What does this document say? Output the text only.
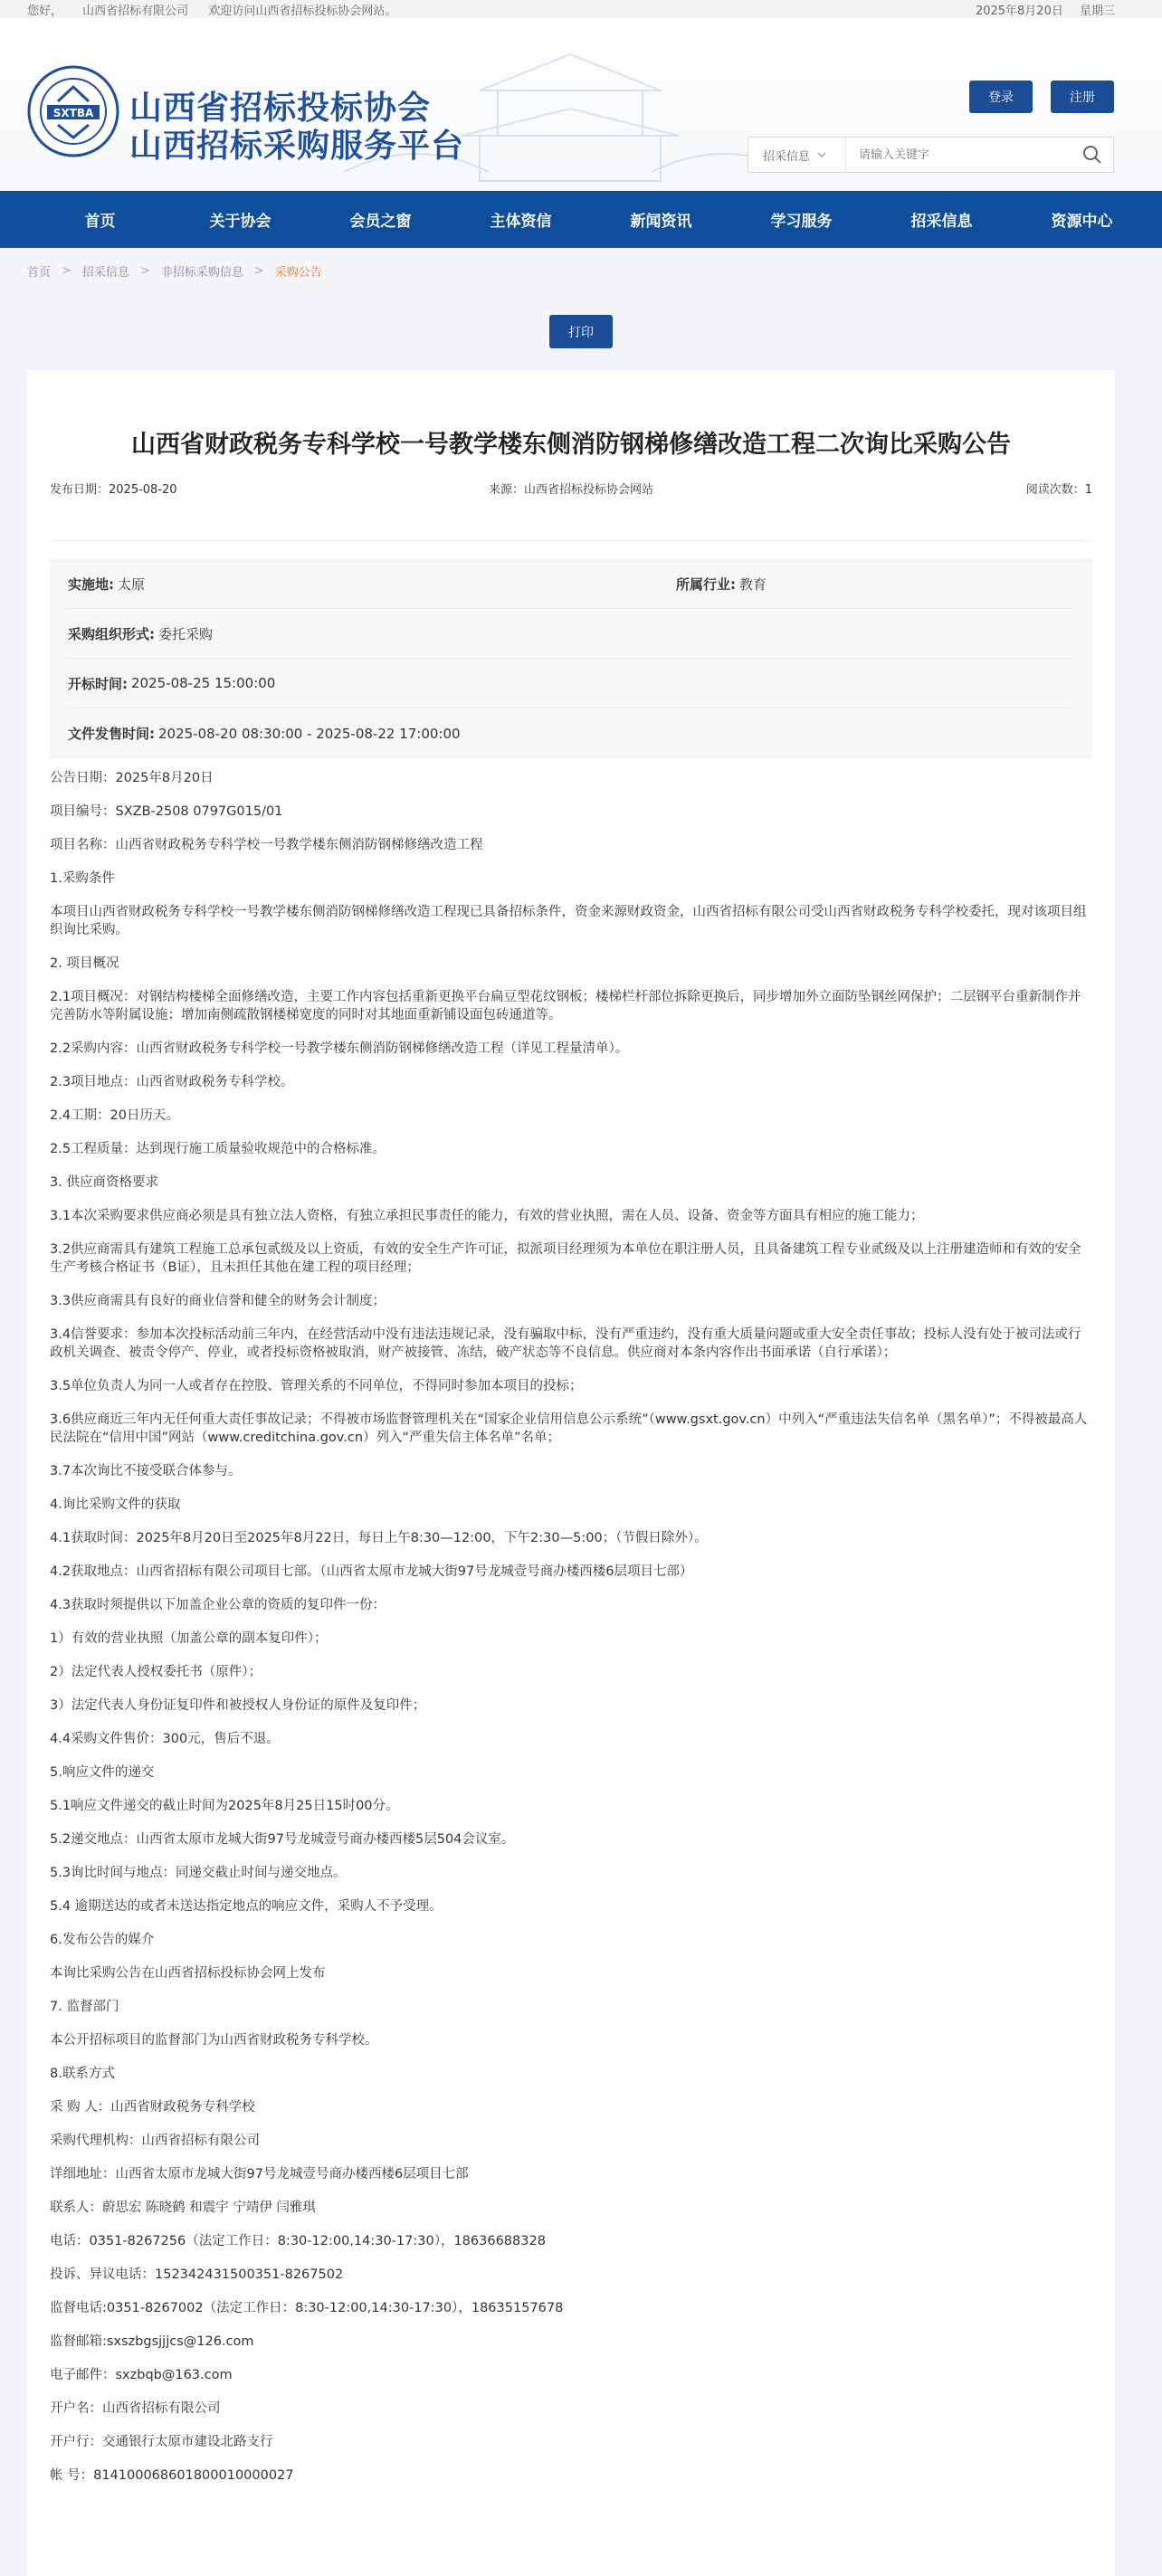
您好， 山西省招标有限公司 欢迎访问山西省招标投标协会网站。	2025年8月20日 星期三
SXTBA 山西省招标投标协会
山西招标采购服务平台
登录	注册
招采信息
请输入关键字
首页	关于协会	会员之窗	主体资信	新闻资讯	学习服务	招采信息	资源中心
首页 > 招采信息 > 非招标采购信息 > 采购公告
打印
山西省财政税务专科学校一号教学楼东侧消防钢梯修缮改造工程二次询比采购公告
发布日期：2025-08-20	来源：山西省招标投标协会网站	阅读次数：1
实施地: 太原	所属行业: 教育
采购组织形式: 委托采购
开标时间: 2025-08-25 15:00:00
文件发售时间: 2025-08-20 08:30:00 - 2025-08-22 17:00:00

公告日期：2025年8月20日

项目编号：SXZB-2508 0797G015/01

项目名称：山西省财政税务专科学校一号教学楼东侧消防钢梯修缮改造工程

1.采购条件

本项目山西省财政税务专科学校一号教学楼东侧消防钢梯修缮改造工程现已具备招标条件，资金来源财政资金，山西省招标有限公司受山西省财政税务专科学校委托，现对该项目组织询比采购。

2. 项目概况

2.1项目概况：对钢结构楼梯全面修缮改造，主要工作内容包括重新更换平台扁豆型花纹钢板；楼梯栏杆部位拆除更换后，同步增加外立面防坠钢丝网保护；二层钢平台重新制作并完善防水等附属设施；增加南侧疏散钢楼梯宽度的同时对其地面重新铺设面包砖通道等。

2.2采购内容：山西省财政税务专科学校一号教学楼东侧消防钢梯修缮改造工程（详见工程量清单）。

2.3项目地点：山西省财政税务专科学校。

2.4工期：20日历天。

2.5工程质量：达到现行施工质量验收规范中的合格标准。

3. 供应商资格要求

3.1本次采购要求供应商必须是具有独立法人资格，有独立承担民事责任的能力，有效的营业执照，需在人员、设备、资金等方面具有相应的施工能力；

3.2供应商需具有建筑工程施工总承包贰级及以上资质，有效的安全生产许可证，拟派项目经理须为本单位在职注册人员，且具备建筑工程专业贰级及以上注册建造师和有效的安全生产考核合格证书（B证），且未担任其他在建工程的项目经理；

3.3供应商需具有良好的商业信誉和健全的财务会计制度；

3.4信誉要求：参加本次投标活动前三年内，在经营活动中没有违法违规记录，没有骗取中标，没有严重违约，没有重大质量问题或重大安全责任事故；投标人没有处于被司法或行政机关调查、被责令停产、停业，或者投标资格被取消，财产被接管、冻结，破产状态等不良信息。供应商对本条内容作出书面承诺（自行承诺）；

3.5单位负责人为同一人或者存在控股、管理关系的不同单位，不得同时参加本项目的投标；

3.6供应商近三年内无任何重大责任事故记录；不得被市场监督管理机关在“国家企业信用信息公示系统”（www.gsxt.gov.cn）中列入“严重违法失信名单（黑名单）”；不得被最高人民法院在“信用中国”网站（www.creditchina.gov.cn）列入“严重失信主体名单”名单；

3.7本次询比不接受联合体参与。

4.询比采购文件的获取

4.1获取时间：2025年8月20日至2025年8月22日，每日上午8:30—12:00，下午2:30—5:00；（节假日除外）。

4.2获取地点：山西省招标有限公司项目七部。（山西省太原市龙城大街97号龙城壹号商办楼西楼6层项目七部）

4.3获取时须提供以下加盖企业公章的资质的复印件一份：

1）有效的营业执照（加盖公章的副本复印件）；

2）法定代表人授权委托书（原件）；

3）法定代表人身份证复印件和被授权人身份证的原件及复印件；

4.4采购文件售价：300元，售后不退。

5.响应文件的递交

5.1响应文件递交的截止时间为2025年8月25日15时00分。

5.2递交地点：山西省太原市龙城大街97号龙城壹号商办楼西楼5层504会议室。

5.3询比时间与地点：同递交截止时间与递交地点。

5.4 逾期送达的或者未送达指定地点的响应文件，采购人不予受理。

6.发布公告的媒介

本询比采购公告在山西省招标投标协会网上发布

7. 监督部门

本公开招标项目的监督部门为山西省财政税务专科学校。

8.联系方式

采 购 人：山西省财政税务专科学校

采购代理机构：山西省招标有限公司

详细地址：山西省太原市龙城大街97号龙城壹号商办楼西楼6层项目七部

联系人：蔚思宏 陈晓鹤 和震宇 宁靖伊 闫雅琪

电话：0351-8267256（法定工作日：8:30-12:00,14:30-17:30），18636688328

投诉、异议电话：152342431500351-8267502

监督电话:0351-8267002（法定工作日：8:30-12:00,14:30-17:30），18635157678

监督邮箱:sxszbgsjjjcs@126.com

电子邮件：sxzbqb@163.com

开户名：山西省招标有限公司

开户行：交通银行太原市建设北路支行

帐 号：814100068601800010000027
